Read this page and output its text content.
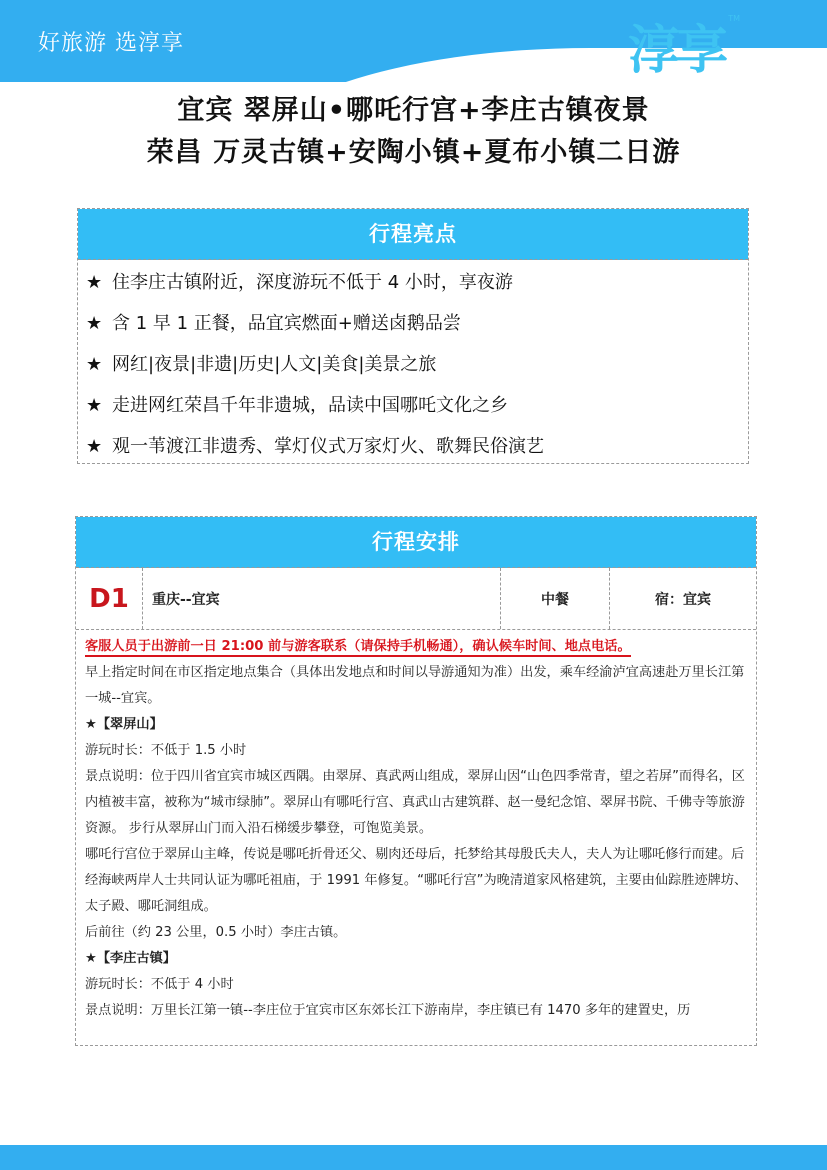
好旅游 选淳享	淳享
TM
宜宾 翠屏山•哪吒行宫+李庄古镇夜景
荣昌 万灵古镇+安陶小镇+夏布小镇二日游
行程亮点
★ 住李庄古镇附近，深度游玩不低于 4 小时，享夜游
★ 含 1 早 1 正餐，品宜宾燃面+赠送卤鹅品尝
★ 网红|夜景|非遗|历史|人文|美食|美景之旅
★ 走进网红荣昌千年非遗城，品读中国哪吒文化之乡
★ 观一苇渡江非遗秀、掌灯仪式万家灯火、歌舞民俗演艺
行程安排
D1	重庆--宜宾	中餐	宿：宜宾

客服人员于出游前一日 21:00 前与游客联系（请保持手机畅通），确认候车时间、地点电话。

早上指定时间在市区指定地点集合（具体出发地点和时间以导游通知为准）出发，乘车经渝泸宜高速赴万里长江第一城--宜宾。

★【翠屏山】

游玩时长：不低于 1.5 小时

景点说明：位于四川省宜宾市城区西隅。由翠屏、真武两山组成，翠屏山因“山色四季常青，望之若屏”而得名，区内植被丰富，被称为“城市绿肺”。翠屏山有哪吒行宫、真武山古建筑群、赵一曼纪念馆、翠屏书院、千佛寺等旅游资源。 步行从翠屏山门而入沿石梯缓步攀登，可饱览美景。

哪吒行宫位于翠屏山主峰，传说是哪吒折骨还父、剔肉还母后，托梦给其母殷氏夫人，夫人为让哪吒修行而建。后经海峡两岸人士共同认证为哪吒祖庙，于 1991 年修复。“哪吒行宫”为晚清道家风格建筑，主要由仙踪胜迹牌坊、太子殿、哪吒洞组成。

后前往（约 23 公里，0.5 小时）李庄古镇。

★【李庄古镇】

游玩时长：不低于 4 小时

景点说明：万里长江第一镇--李庄位于宜宾市区东郊长江下游南岸，李庄镇已有 1470 多年的建置史，历
